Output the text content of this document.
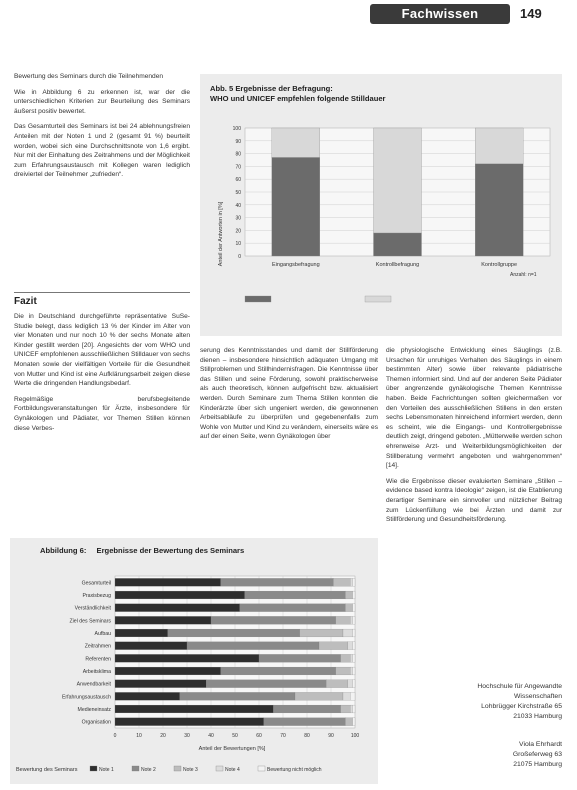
Fachwissen	149

Bewertung des Seminars durch die Teilnehmenden

Wie in Abbildung 6 zu erkennen ist, war der die unterschiedlichen Kriterien zur Beurteilung des Seminars äußerst positiv bewertet.

Das Gesamturteil des Seminars ist bei 24 ablehnungsfreien Anteilen mit der Noten 1 und 2 (gesamt 91 %) beurteilt worden, wobei sich eine Durchschnittsnote von 1,6 ergibt. Nur mit der Einhaltung des Zeitrahmens und der Möglichkeit zum Erfahrungsaustausch mit Kollegen waren lediglich dreiviertel der Teilnehmer „zufrieden“.

Fazit

Die in Deutschland durchgeführte repräsentative SuSe-Studie belegt, dass lediglich 13 % der Kinder im Alter von vier Monaten und nur noch 10 % der sechs Monate alten Kinder gestillt werden [20]. Angesichts der vom WHO und UNICEF empfohlenen ausschließlichen Stilldauer von sechs Monaten sowie der vielfältigen Vorteile für die Gesundheit von Mutter und Kind ist eine Aufklärungsarbeit zeigen diese Werte die dringenden Handlungsbedarf.

Regelmäßige berufsbegleitende Fortbildungsveranstaltungen für Ärzte, insbesondere für Gynäkologen und Pädiater, vor Themen Stillen können diese Verbes-

serung des Kenntnisstandes und damit der Stillförderung dienen – insbesondere hinsichtlich adäquaten Umgang mit Stillproblemen und Stillhindernisfragen. Die Kenntnisse über das Stillen und seine Förderung, sowohl praktischerweise als auch theoretisch, können aufgefrischt bzw. aktualisiert werden. Durch Seminare zum Thema Stillen konnten die Kinderärzte über sich ungeniert werden, die gewonnenen Arbeitsabläufe zu überprüfen und gegebenenfalls zum Wohle von Mutter und Kind zu verändern, einerseits wäre es auf der einen Seite, wenn Gynäkologen über

die physiologische Entwicklung eines Säuglings (z.B. Ursachen für unruhiges Verhalten des Säuglings in einem bestimmten Alter) sowie über relevante pädiatrische Themen informiert sind. Und auf der anderen Seite Pädiater über angrenzende gynäkologische Themen Kenntnisse haben. Beide Fachrichtungen sollten gleichermaßen vor den Vorteilen des ausschließlichen Stillens in den ersten sechs Lebensmonaten hinreichend informiert werden, denn es scheint, wie die Eingangs- und Kontrollergebnisse deutlich zeigt, dringend geboten. „Mütterwelle werden schon ehrenweise Arzt- und Weiterbildungsmöglichkeiten der Stillberatung vermehrt angeboten und wahrgenommen“ [14].

Wie die Ergebnisse dieser evaluierten Seminare „Stillen – evidence based kontra Ideologie“ zeigen, ist die Etablierung derartiger Seminare ein sinnvoller und nützlicher Beitrag zum Lückenfüllung wie bei Ärzten und damit zur Stillförderung und Gesundheitsförderung.

Hochschule für Angewandte
Wissenschaften
Lohbrügger Kirchstraße 65
21033 Hamburg
Viola Ehrhardt
Großeferweg 63
21075 Hamburg
Abb. 5 Ergebnisse der Befragung:
WHO und UNICEF empfehlen folgende Stilldauer
Anteil der Antworten in [%]
Anzahl: n=1
0
10
20
30
40
50
60
70
80
90
100
Eingangsbefragung	Kontrollbefragung	Kontrollgruppe
Abbildung 6: Ergebnisse der Bewertung des Seminars
Anteil der Bewertungen [%]
Bewertung des Seminars
0	10	20	30	40	50	60	70	80	90	100
Gesamturteil
Praxisbezug
Verständlichkeit
Ziel des Seminars
Aufbau
Zeitrahmen
Referenten
Arbeitsklima
Anwendbarkeit
Erfahrungsaustausch
Medieneinsatz
Organisation
Note 1	Note 2	Note 3	Note 4	Bewertung nicht möglich
